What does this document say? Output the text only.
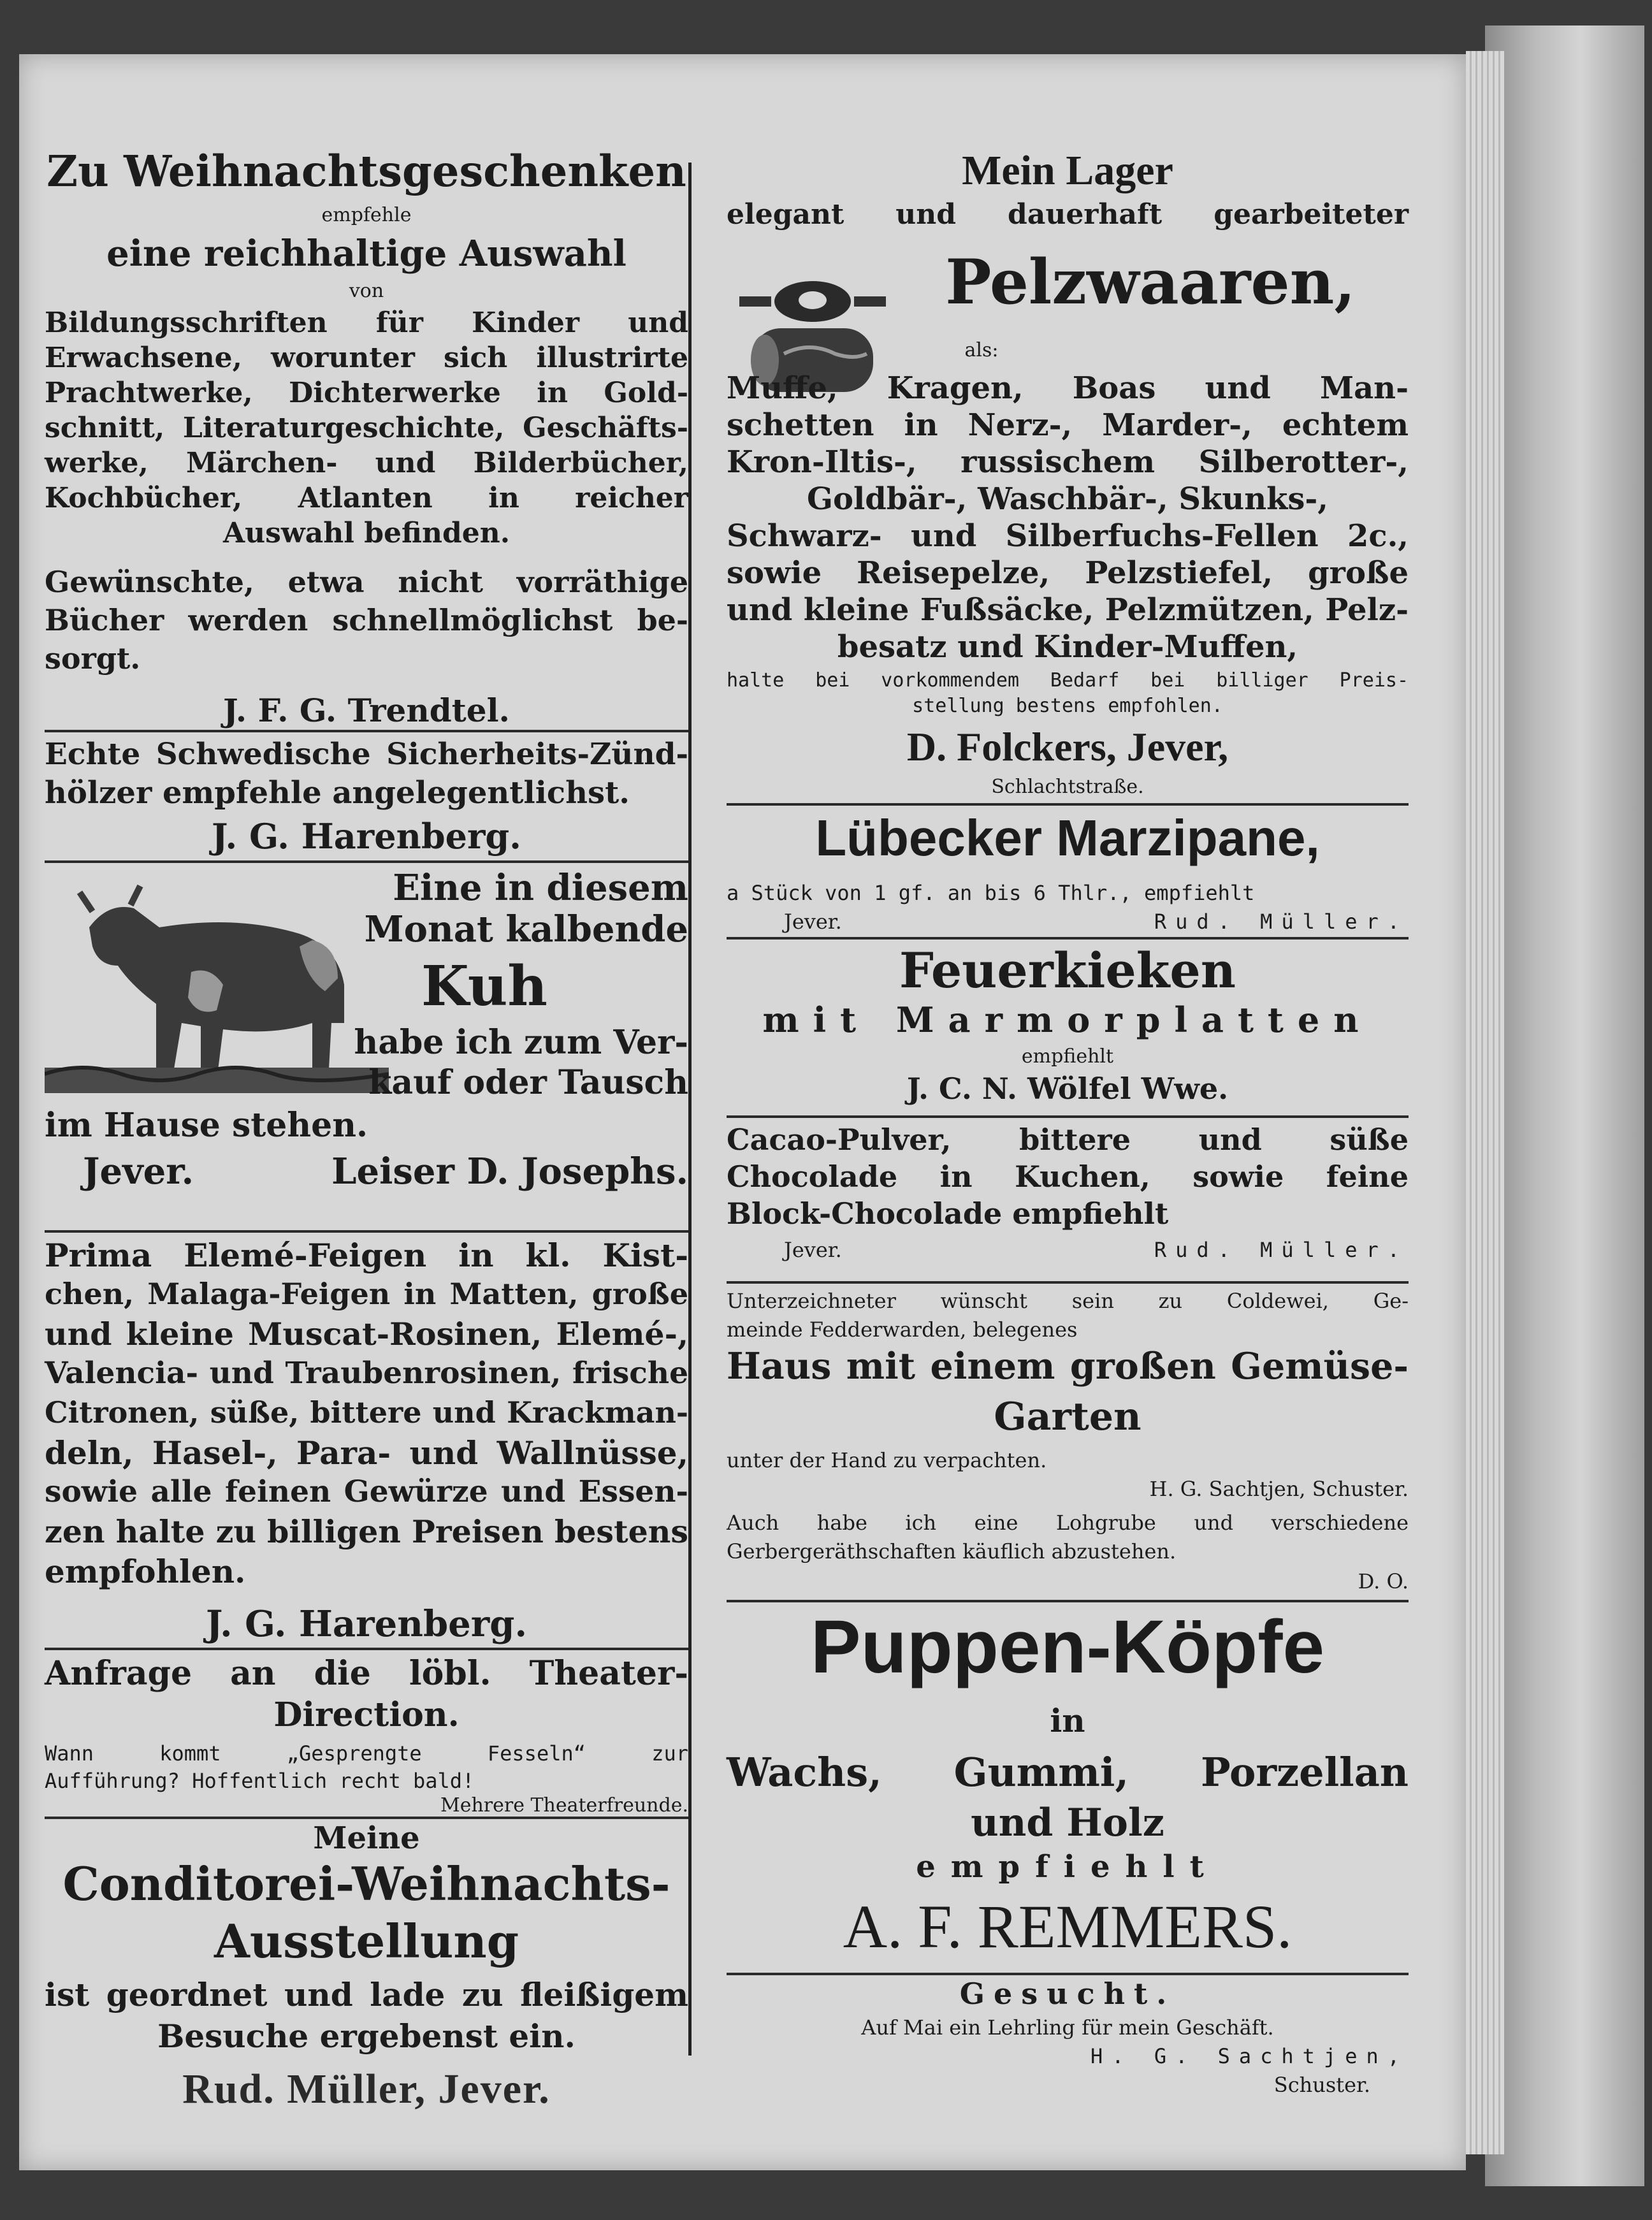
Zu Weihnachtsgeschenken
empfehle
eine reichhaltige Auswahl
von
Bildungsschriften für Kinder und
Erwachsene, worunter sich illustrirte
Prachtwerke, Dichterwerke in Gold-
schnitt, Literaturgeschichte, Geschäfts-
werke, Märchen- und Bilderbücher,
Kochbücher, Atlanten in reicher
Auswahl befinden.
Gewünschte, etwa nicht vorräthige
Bücher werden schnellmöglichst be-
sorgt.
J. F. G. Trendtel.
Echte Schwedische Sicherheits-Zünd-
hölzer empfehle angelegentlichst.
J. G. Harenberg.
Eine in diesem
Monat kalbende
Kuh
habe ich zum Ver-
kauf oder Tausch
im Hause stehen.
Jever.	Leiser D. Josephs.
Prima Elemé-Feigen in kl. Kist-
chen, Malaga-Feigen in Matten, große
und kleine Muscat-Rosinen, Elemé-,
Valencia- und Traubenrosinen, frische
Citronen, süße, bittere und Krackman-
deln, Hasel-, Para- und Wallnüsse,
sowie alle feinen Gewürze und Essen-
zen halte zu billigen Preisen bestens
empfohlen.
J. G. Harenberg.
Anfrage an die löbl. Theater-
Direction.
Wann kommt „Gesprengte Fesseln“ zur
Aufführung? Hoffentlich recht bald!
Mehrere Theaterfreunde.
Meine
Conditorei-Weihnachts-
Ausstellung
ist geordnet und lade zu fleißigem
Besuche ergebenst ein.
Rud. Müller, Jever.
Mein Lager
elegant und dauerhaft gearbeiteter
Pelzwaaren,
als:
Muffe, Kragen, Boas und Man-
schetten in Nerz-, Marder-, echtem
Kron-Iltis-, russischem Silberotter-,
Goldbär-, Waschbär-, Skunks-,
Schwarz- und Silberfuchs-Fellen 2c.,
sowie Reisepelze, Pelzstiefel, große
und kleine Fußsäcke, Pelzmützen, Pelz-
besatz und Kinder-Muffen,
halte bei vorkommendem Bedarf bei billiger Preis-
stellung bestens empfohlen.
D. Folckers, Jever,
Schlachtstraße.
Lübecker Marzipane,
a Stück von 1 gf. an bis 6 Thlr., empfiehlt
Jever.	Rud. Müller.
Feuerkieken
mit Marmorplatten
empfiehlt
J. C. N. Wölfel Wwe.
Cacao-Pulver, bittere und süße
Chocolade in Kuchen, sowie feine
Block-Chocolade empfiehlt
Jever.	Rud. Müller.
Unterzeichneter wünscht sein zu Coldewei, Ge-
meinde Fedderwarden, belegenes
Haus mit einem großen Gemüse-
Garten
unter der Hand zu verpachten.
H. G. Sachtjen, Schuster.
Auch habe ich eine Lohgrube und verschiedene
Gerbergeräthschaften käuflich abzustehen.
D. O.
Puppen-Köpfe
in
Wachs, Gummi, Porzellan
und Holz
empfiehlt
A. F. REMMERS.
Gesucht.
Auf Mai ein Lehrling für mein Geschäft.
H. G. Sachtjen,
Schuster.
